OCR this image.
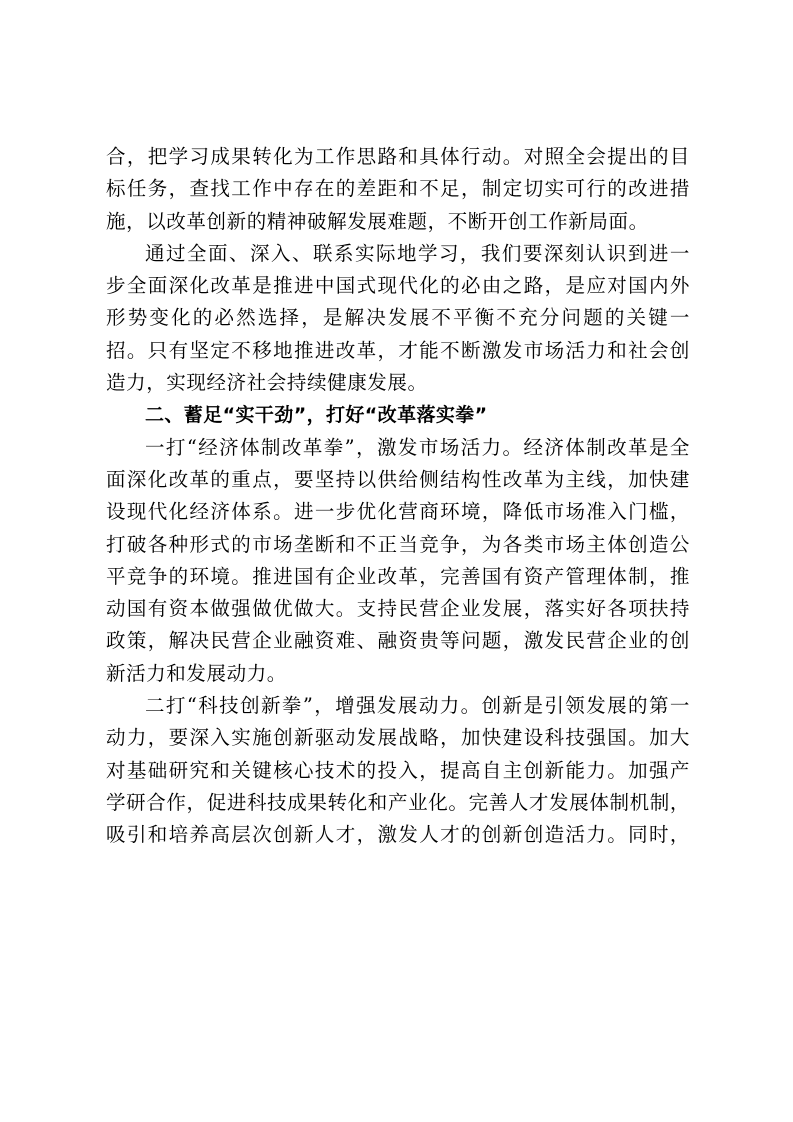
合，把学习成果转化为工作思路和具体行动。对照全会提出的目
标任务，查找工作中存在的差距和不足，制定切实可行的改进措
施，以改革创新的精神破解发展难题，不断开创工作新局面。
通过全面、深入、联系实际地学习，我们要深刻认识到进一
步全面深化改革是推进中国式现代化的必由之路，是应对国内外
形势变化的必然选择，是解决发展不平衡不充分问题的关键一
招。只有坚定不移地推进改革，才能不断激发市场活力和社会创
造力，实现经济社会持续健康发展。
二、蓄足“实干劲”，打好“改革落实拳”
一打“经济体制改革拳”，激发市场活力。经济体制改革是全
面深化改革的重点，要坚持以供给侧结构性改革为主线，加快建
设现代化经济体系。进一步优化营商环境，降低市场准入门槛，
打破各种形式的市场垄断和不正当竞争，为各类市场主体创造公
平竞争的环境。推进国有企业改革，完善国有资产管理体制，推
动国有资本做强做优做大。支持民营企业发展，落实好各项扶持
政策，解决民营企业融资难、融资贵等问题，激发民营企业的创
新活力和发展动力。
二打“科技创新拳”，增强发展动力。创新是引领发展的第一
动力，要深入实施创新驱动发展战略，加快建设科技强国。加大
对基础研究和关键核心技术的投入，提高自主创新能力。加强产
学研合作，促进科技成果转化和产业化。完善人才发展体制机制，
吸引和培养高层次创新人才，激发人才的创新创造活力。同时，
